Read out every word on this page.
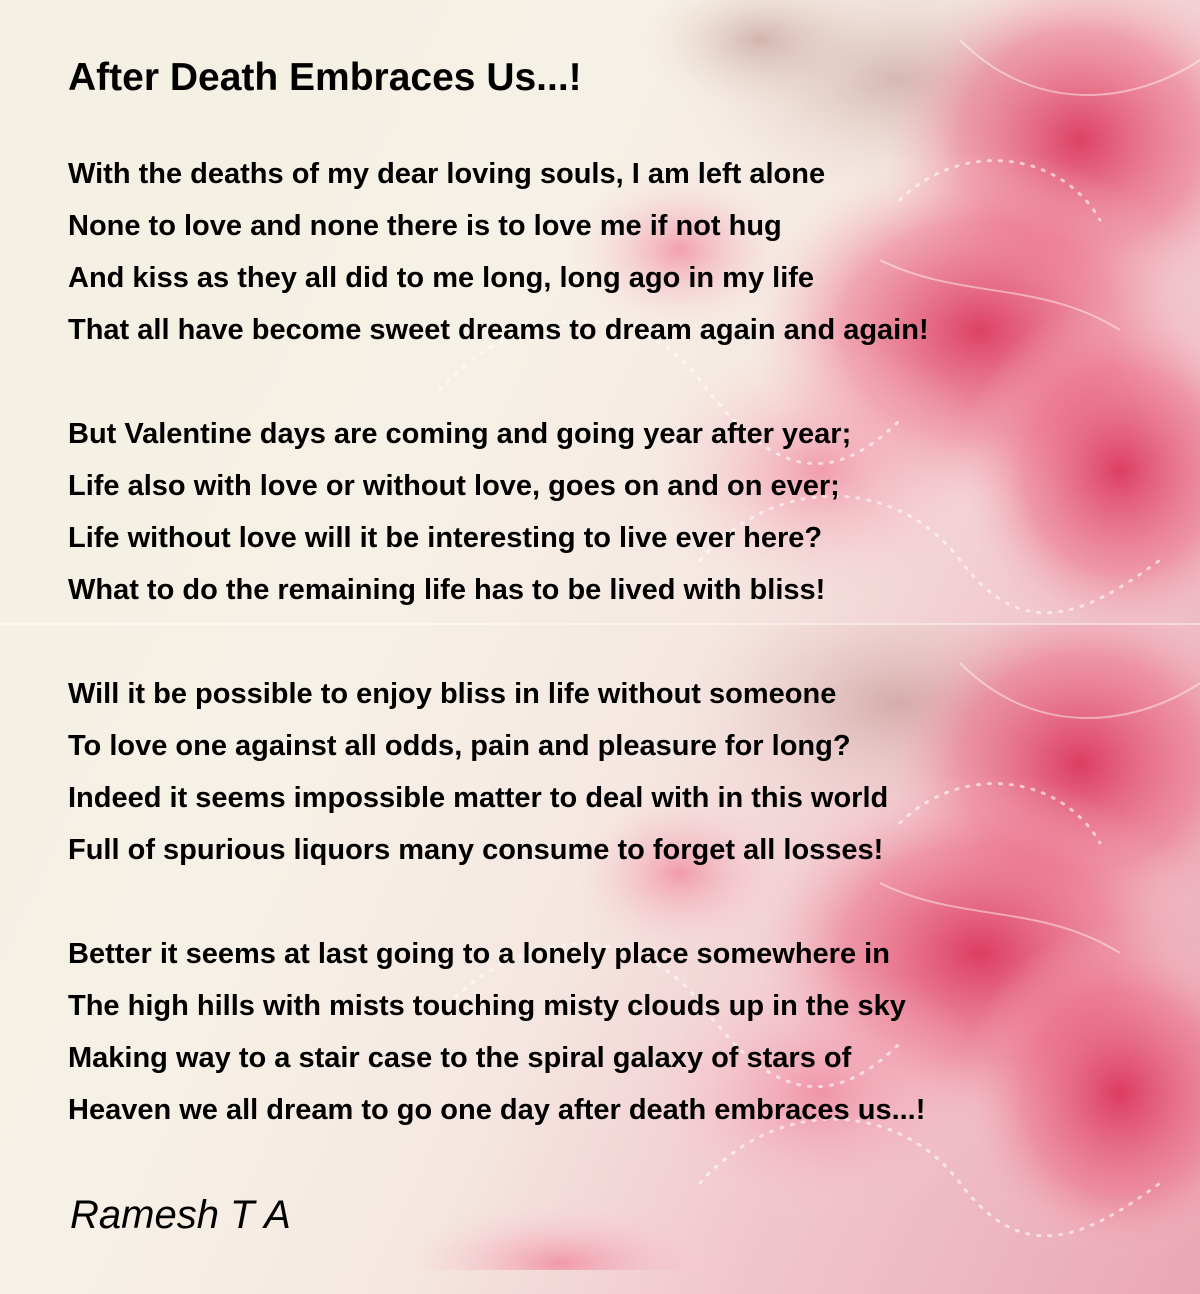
After Death Embraces Us...!
With the deaths of my dear loving souls, I am left alone
None to love and none there is to love me if not hug
And kiss as they all did to me long, long ago in my life
That all have become sweet dreams to dream again and again!
But Valentine days are coming and going year after year;
Life also with love or without love, goes on and on ever;
Life without love will it be interesting to live ever here?
What to do the remaining life has to be lived with bliss!
Will it be possible to enjoy bliss in life without someone
To love one against all odds, pain and pleasure for long?
Indeed it seems impossible matter to deal with in this world
Full of spurious liquors many consume to forget all losses!
Better it seems at last going to a lonely place somewhere in
The high hills with mists touching misty clouds up in the sky
Making way to a stair case to the spiral galaxy of stars of
Heaven we all dream to go one day after death embraces us...!
Ramesh T A
